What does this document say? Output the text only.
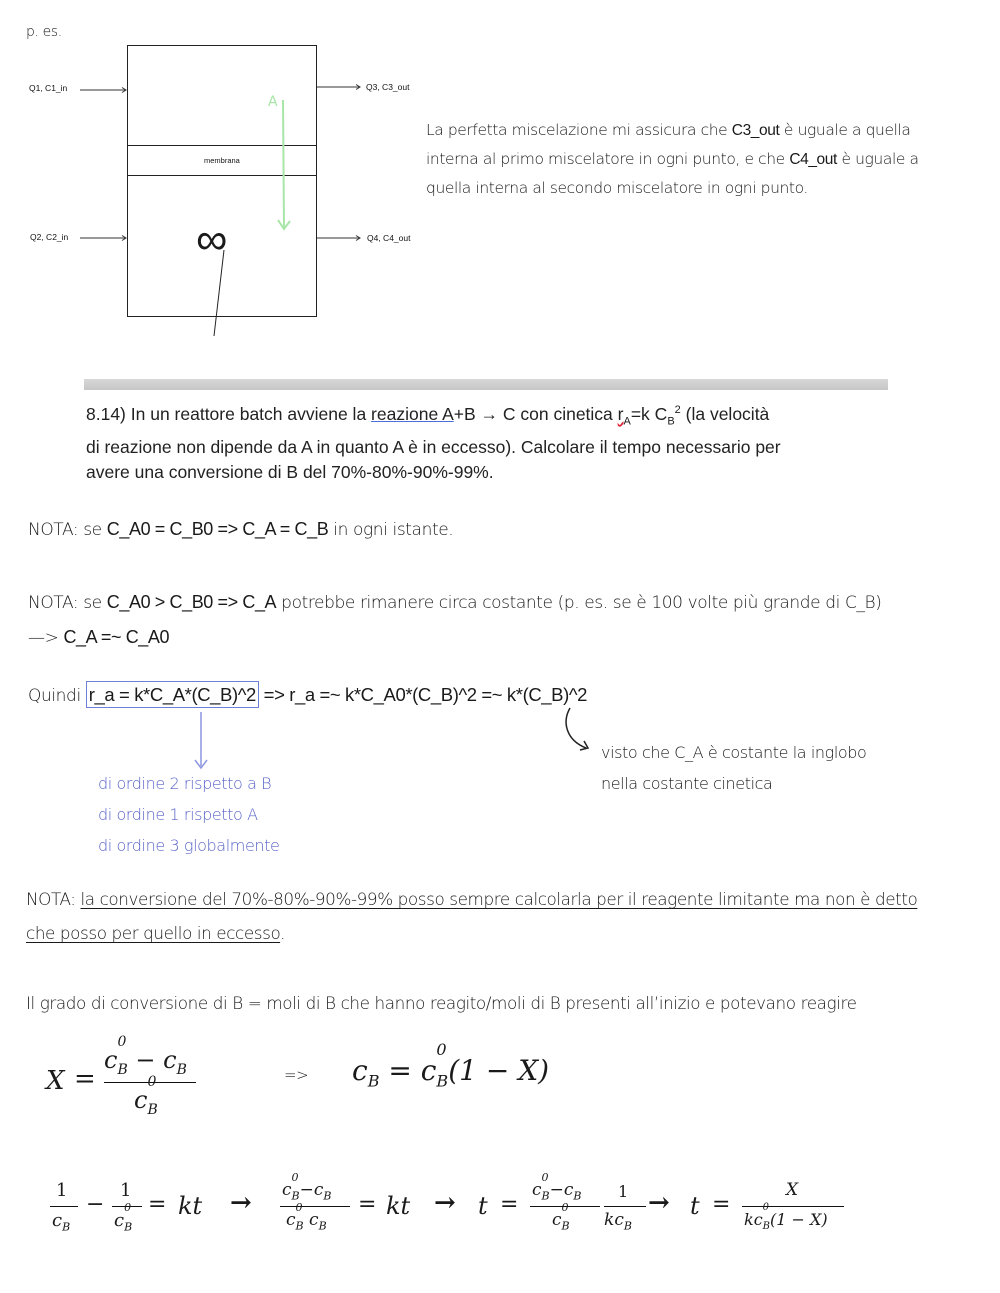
p. es.
Q1, C1_in
Q2, C2_in
Q3, C3_out
Q4, C4_out
membrana
A
∞
La perfetta miscelazione mi assicura che C3_out è uguale a quella interna al primo miscelatore in ogni punto, e che C4_out è uguale a quella interna al secondo miscelatore in ogni punto.
8.14) In un reattore batch avviene la reazione A+B → C con cinetica $r_A=k$ $C_B^2$ (la velocità
di reazione non dipende da A in quanto A è in eccesso). Calcolare il tempo necessario per
avere una conversione di B del 70%-80%-90%-99%.
NOTA: se C_A0 = C_B0 => C_A = C_B in ogni istante.
NOTA: se C_A0 > C_B0 => C_A potrebbe rimanere circa costante (p. es. se è 100 volte più grande di C_B)
—> C_A =~ C_A0
Quindi r_a = k*C_A*(C_B)^2 => r_a =~ k*C_A0*(C_B)^2 =~ k*(C_B)^2
di ordine 2 rispetto a B
di ordine 1 rispetto A
di ordine 3 globalmente
visto che C_A è costante la inglobo
nella costante cinetica
NOTA: la conversione del 70%-80%-90%-99% posso sempre calcolarla per il reagente limitante ma non è detto
che posso per quello in eccesso.
Il grado di conversione di B = moli di B che hanno reagito/moli di B presenti all’inizio e potevano reagire
X =
$c_B$
0
− $c_B$
$c_B$
0	=> $c_B = c_B$
0
(1 − X)
1
$c_B$
−
1
$c_B$
0 = kt → $c_B$
0
$-c_B$
$c_B$
0
$c_B$
= kt → t =
$c_B$
0
$-c_B$
$c_B$
0
1
$kc_B$
→ t =
X
$kc_B$
0
(1 − X)
